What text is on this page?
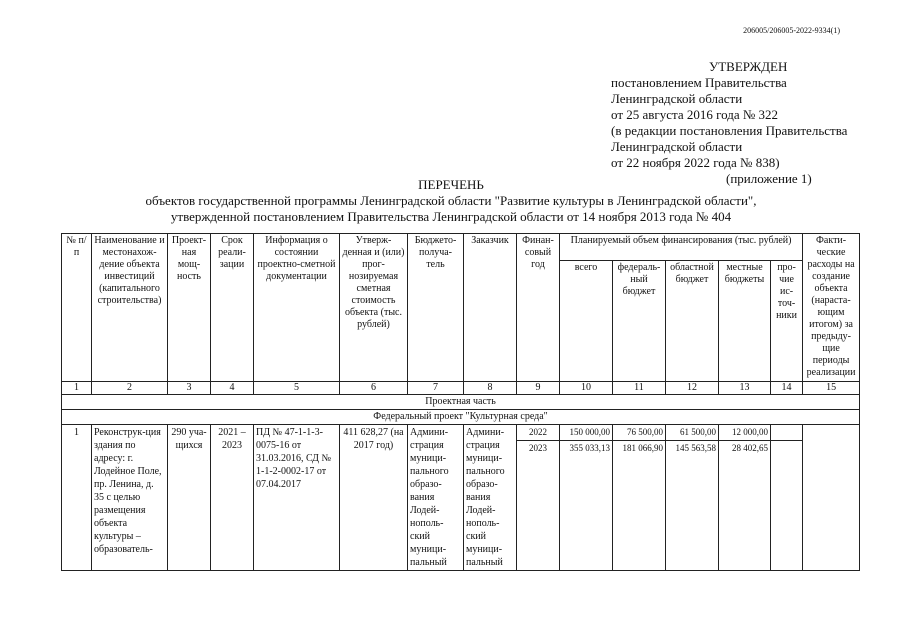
206005/206005-2022-9334(1)
УТВЕРЖДЕН
постановлением Правительства
Ленинградской области
от 25 августа 2016 года № 322
(в редакции постановления Правительства
Ленинградской области
от 22 ноября 2022 года № 838)
(приложение 1)
ПЕРЕЧЕНЬ
объектов государственной программы Ленинградской области "Развитие культуры в Ленинградской области",
утвержденной постановлением Правительства Ленинградской области от 14 ноября 2013 года № 404
№ п/п	Наименование и местонахож-дение объекта инвестиций (капитального строительства)	Проект-ная мощ-ность	Срок реали-зации	Информация о состоянии проектно-сметной документации	Утверж-денная и (или) прог-нозируемая сметная стоимость объекта (тыс. рублей)	Бюджето-получа-тель	Заказчик	Финан-совый год	Планируемый объем финансирования (тыс. рублей)					Факти-ческие расходы на создание объекта (нараста-ющим итогом) за предыду-щие периоды реализации
									всего	федераль-ный бюджет	областной бюджет	местные бюджеты	про-чие ис-точ-ники	
1	2	3	4	5	6	7	8	9	10	11	12	13	14	15
Проектная часть														
Федеральный проект "Культурная среда"														
1	Реконструк-ция здания по адресу: г. Лодейное Поле, пр. Ленина, д. 35 с целью размещения объекта культуры – образователь-	290 уча-щихся	2021 – 2023	ПД № 47-1-1-3-0075-16 от 31.03.2016, СД № 1-1-2-0002-17 от 07.04.2017	411 628,27 (на 2017 год)	Админи-страция муници-пального образо-вания Лодей-нополь-ский муници-пальный	Админи-страция муници-пального образо-вания Лодей-нополь-ский муници-пальный	2022	150 000,00	76 500,00	61 500,00	12 000,00		
								2023	355 033,13	181 066,90	145 563,58	28 402,65		
